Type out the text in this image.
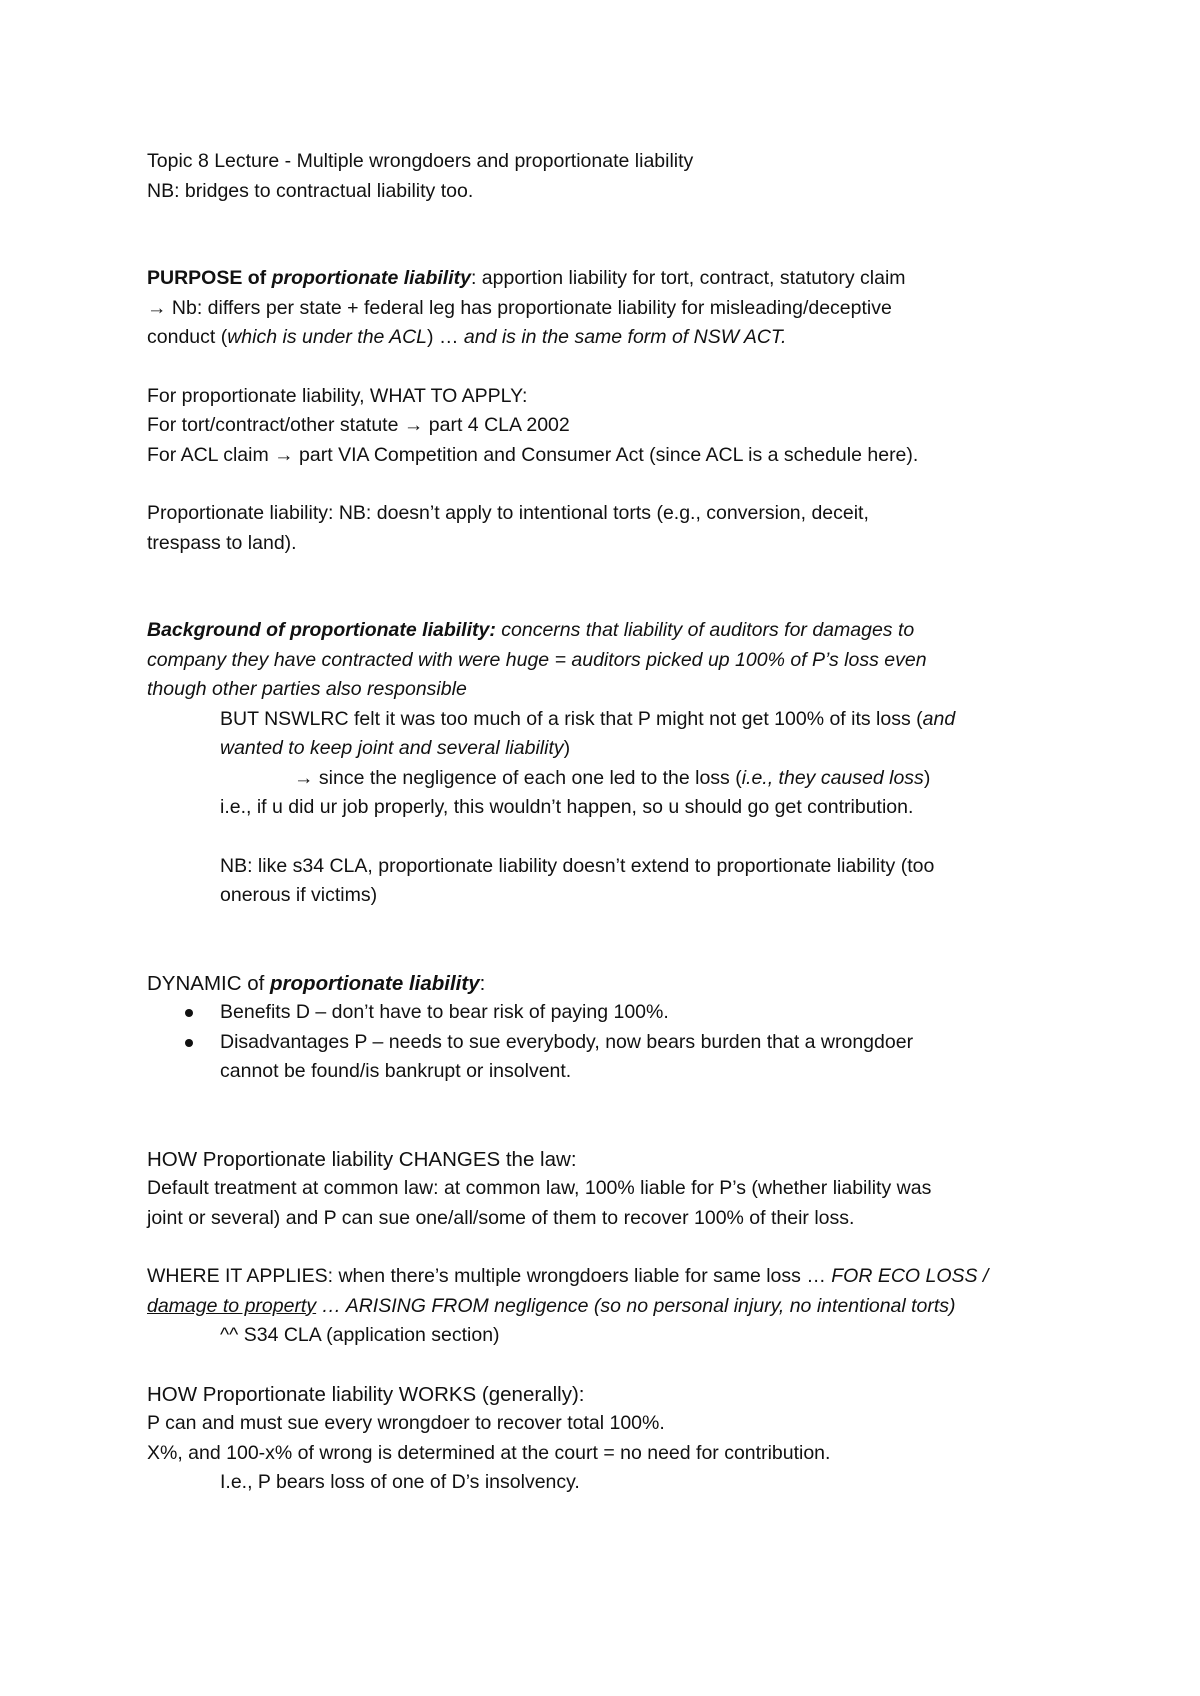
Topic 8 Lecture - Multiple wrongdoers and proportionate liability

NB: bridges to contractual liability too.

PURPOSE of proportionate liability: apportion liability for tort, contract, statutory claim

→ Nb: differs per state + federal leg has proportionate liability for misleading/deceptive

conduct (which is under the ACL) … and is in the same form of NSW ACT.

For proportionate liability, WHAT TO APPLY:

For tort/contract/other statute → part 4 CLA 2002

For ACL claim → part VIA Competition and Consumer Act (since ACL is a schedule here).

Proportionate liability: NB: doesn’t apply to intentional torts (e.g., conversion, deceit,

trespass to land).

Background of proportionate liability: concerns that liability of auditors for damages to

company they have contracted with were huge = auditors picked up 100% of P’s loss even

though other parties also responsible

BUT NSWLRC felt it was too much of a risk that P might not get 100% of its loss (and

wanted to keep joint and several liability)

→ since the negligence of each one led to the loss (i.e., they caused loss)

i.e., if u did ur job properly, this wouldn’t happen, so u should go get contribution.

NB: like s34 CLA, proportionate liability doesn’t extend to proportionate liability (too

onerous if victims)

DYNAMIC of proportionate liability:

Benefits D – don’t have to bear risk of paying 100%.
Disadvantages P – needs to sue everybody, now bears burden that a wrongdoer
cannot be found/is bankrupt or insolvent.

HOW Proportionate liability CHANGES the law:

Default treatment at common law: at common law, 100% liable for P’s (whether liability was

joint or several) and P can sue one/all/some of them to recover 100% of their loss.

WHERE IT APPLIES: when there’s multiple wrongdoers liable for same loss … FOR ECO LOSS /

damage to property … ARISING FROM negligence (so no personal injury, no intentional torts)

^^ S34 CLA (application section)

HOW Proportionate liability WORKS (generally):

P can and must sue every wrongdoer to recover total 100%.

X%, and 100-x% of wrong is determined at the court = no need for contribution.

I.e., P bears loss of one of D’s insolvency.
